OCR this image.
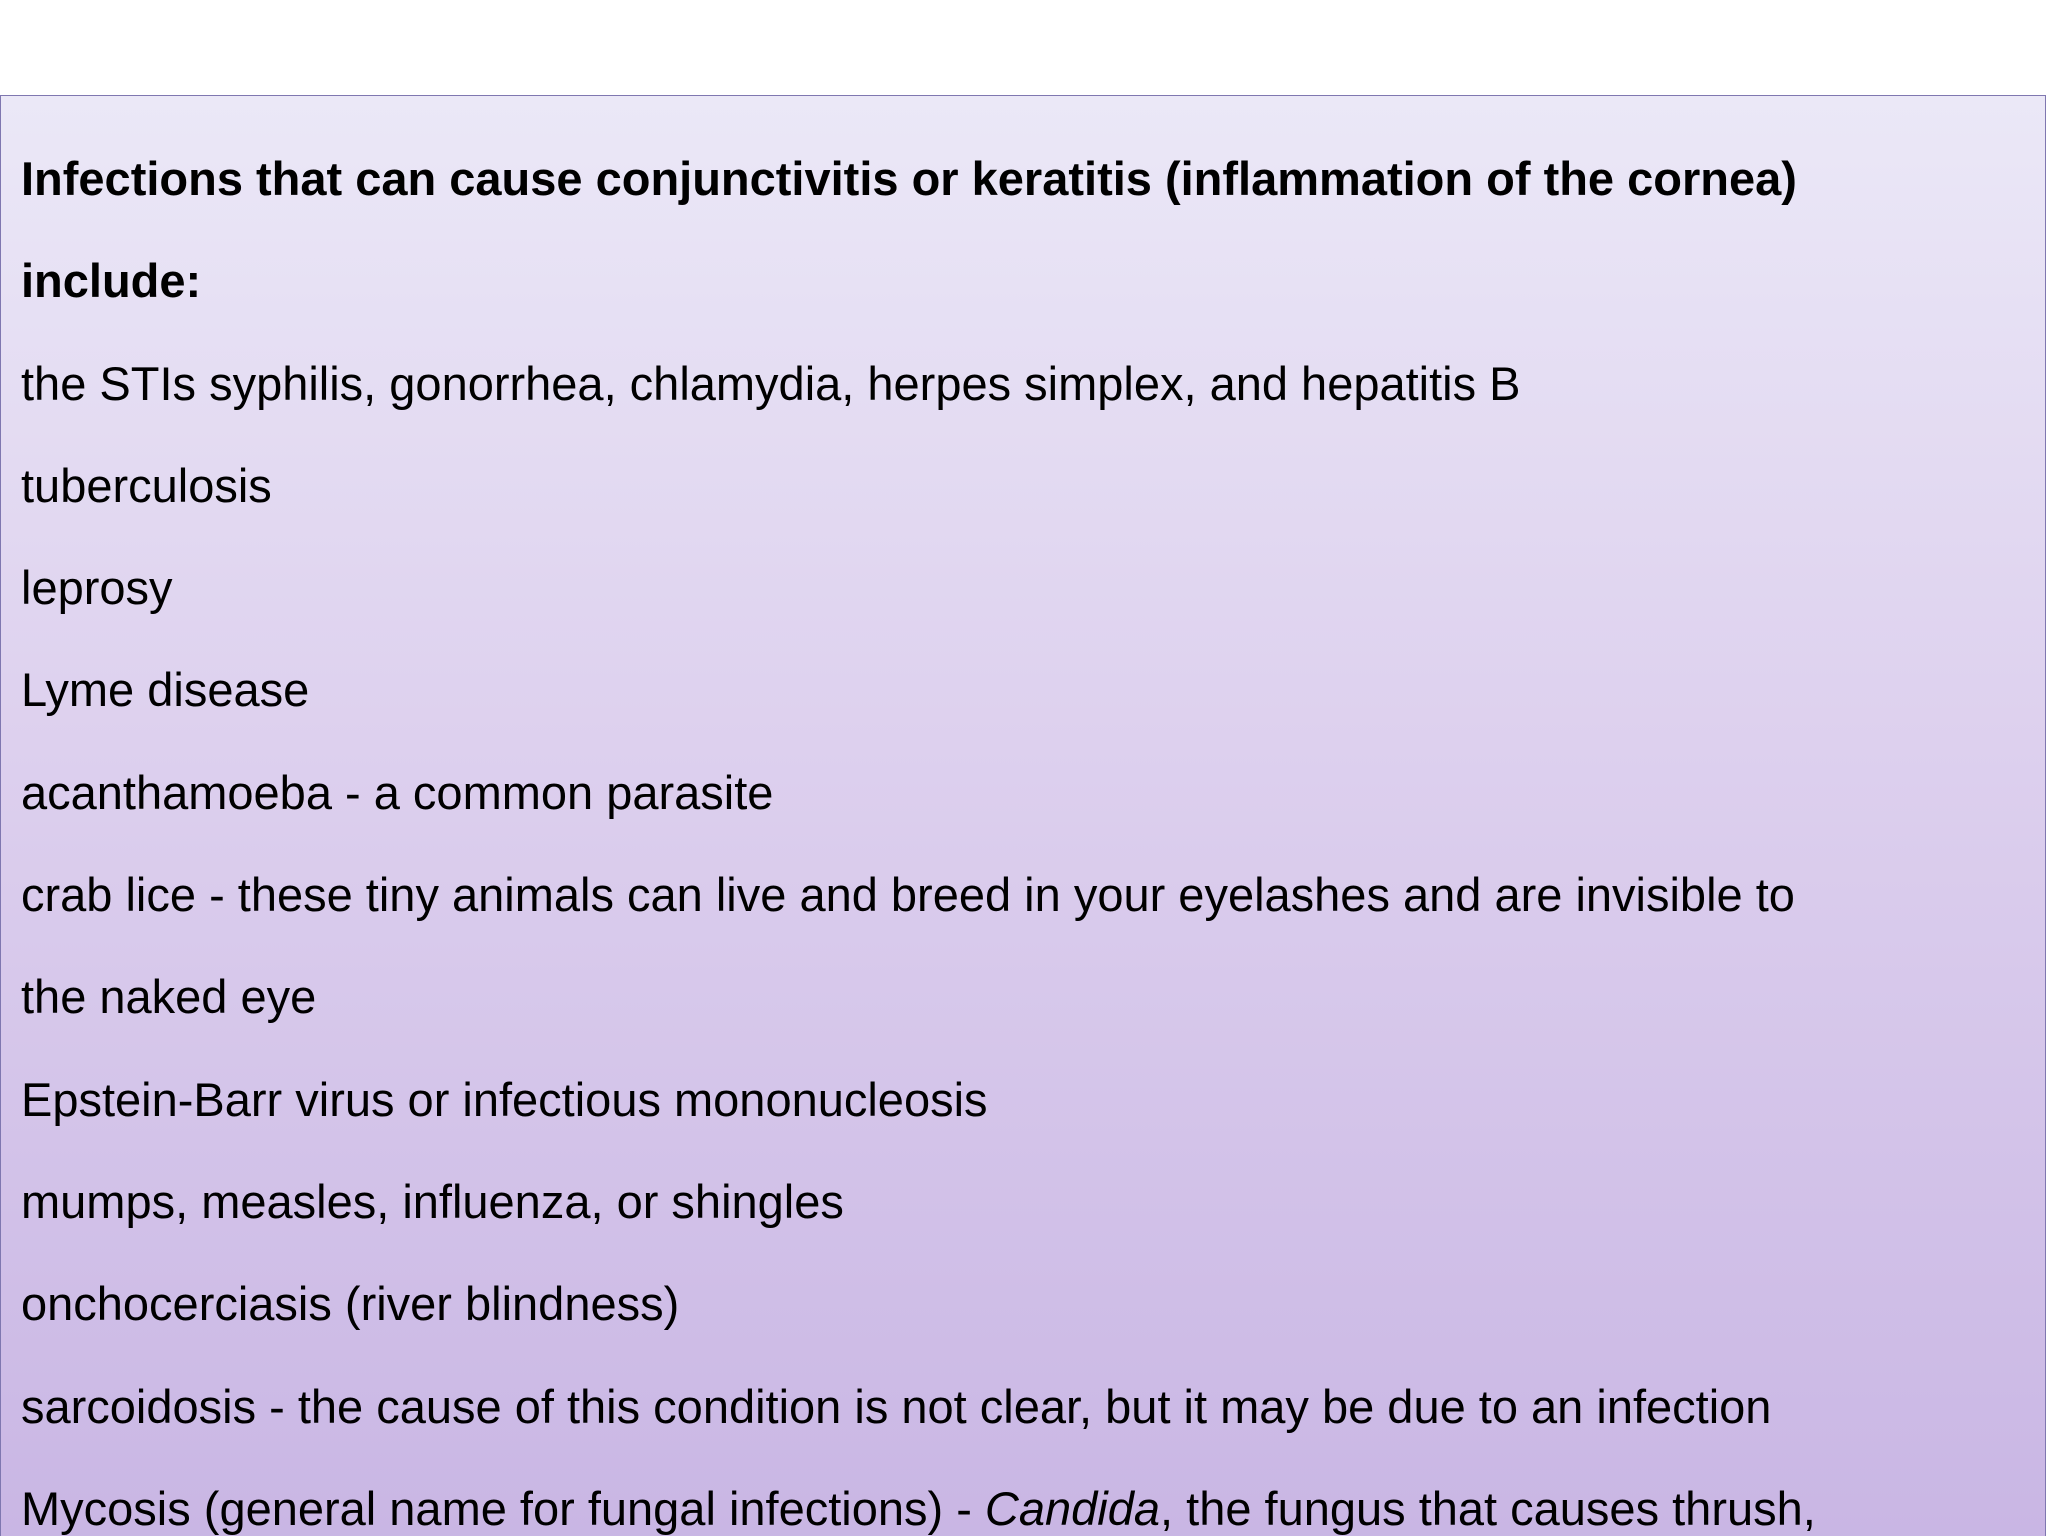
Infections that can cause conjunctivitis or keratitis (inflammation of the cornea)
include:
the STIs syphilis, gonorrhea, chlamydia, herpes simplex, and hepatitis B
tuberculosis
leprosy
Lyme disease
acanthamoeba - a common parasite
crab lice - these tiny animals can live and breed in your eyelashes and are invisible to
the naked eye
Epstein-Barr virus or infectious mononucleosis
mumps, measles, influenza, or shingles
onchocerciasis (river blindness)
sarcoidosis - the cause of this condition is not clear, but it may be due to an infection
Mycosis (general name for fungal infections) - Candida, the fungus that causes thrush,
